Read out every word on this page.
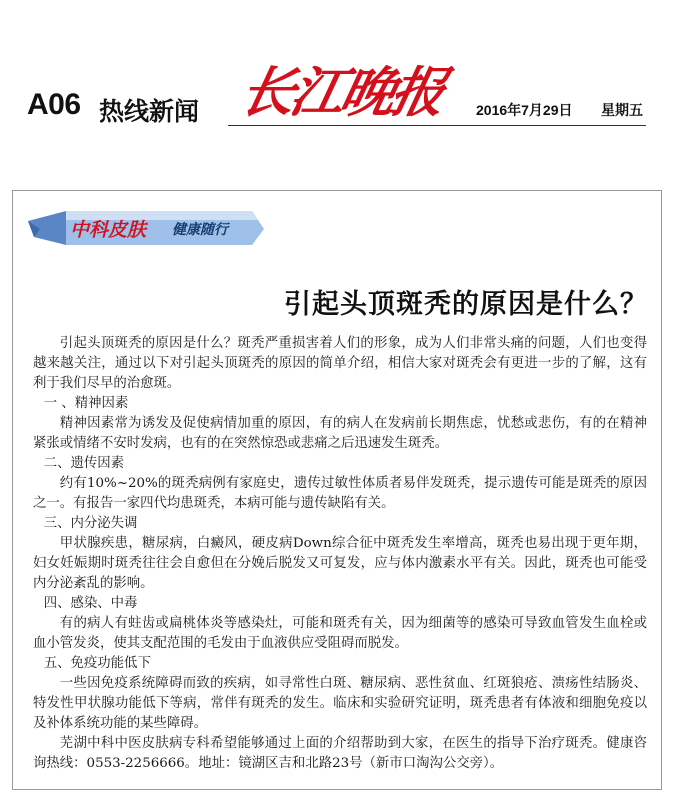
A06 热线新闻 长江晚报 2016年7月29日 星期五
中科皮肤 健康随行
引起头顶斑秃的原因是什么？

引起头顶斑秃的原因是什么？斑秃严重损害着人们的形象，成为人们非常头痛的问题，人们也变得越来越关注，通过以下对引起头顶斑秃的原因的简单介绍，相信大家对斑秃会有更进一步的了解，这有利于我们尽早的治愈斑。

一 、精神因素

精神因素常为诱发及促使病情加重的原因，有的病人在发病前长期焦虑，忧愁或悲伤，有的在精神紧张或情绪不安时发病，也有的在突然惊恐或悲痛之后迅速发生斑秃。

二、遗传因素

约有10%~20%的斑秃病例有家庭史，遗传过敏性体质者易伴发斑秃，提示遗传可能是斑秃的原因之一。有报告一家四代均患斑秃，本病可能与遗传缺陷有关。

三、内分泌失调

甲状腺疾患，糖尿病，白癜风，硬皮病Down综合征中斑秃发生率增高，斑秃也易出现于更年期，妇女妊娠期时斑秃往往会自愈但在分娩后脱发又可复发，应与体内激素水平有关。因此，斑秃也可能受内分泌紊乱的影响。

四、感染、中毒

有的病人有蛀齿或扁桃体炎等感染灶，可能和斑秃有关，因为细菌等的感染可导致血管发生血栓或血小管发炎，使其支配范围的毛发由于血液供应受阻碍而脱发。

五、免疫功能低下

一些因免疫系统障碍而致的疾病，如寻常性白斑、糖尿病、恶性贫血、红斑狼疮、溃疡性结肠炎、特发性甲状腺功能低下等病，常伴有斑秃的发生。临床和实验研究证明，斑秃患者有体液和细胞免疫以及补体系统功能的某些障碍。

芜湖中科中医皮肤病专科希望能够通过上面的介绍帮助到大家，在医生的指导下治疗斑秃。健康咨询热线：0553-2256666。地址：镜湖区吉和北路23号（新市口淘沟公交旁）。
